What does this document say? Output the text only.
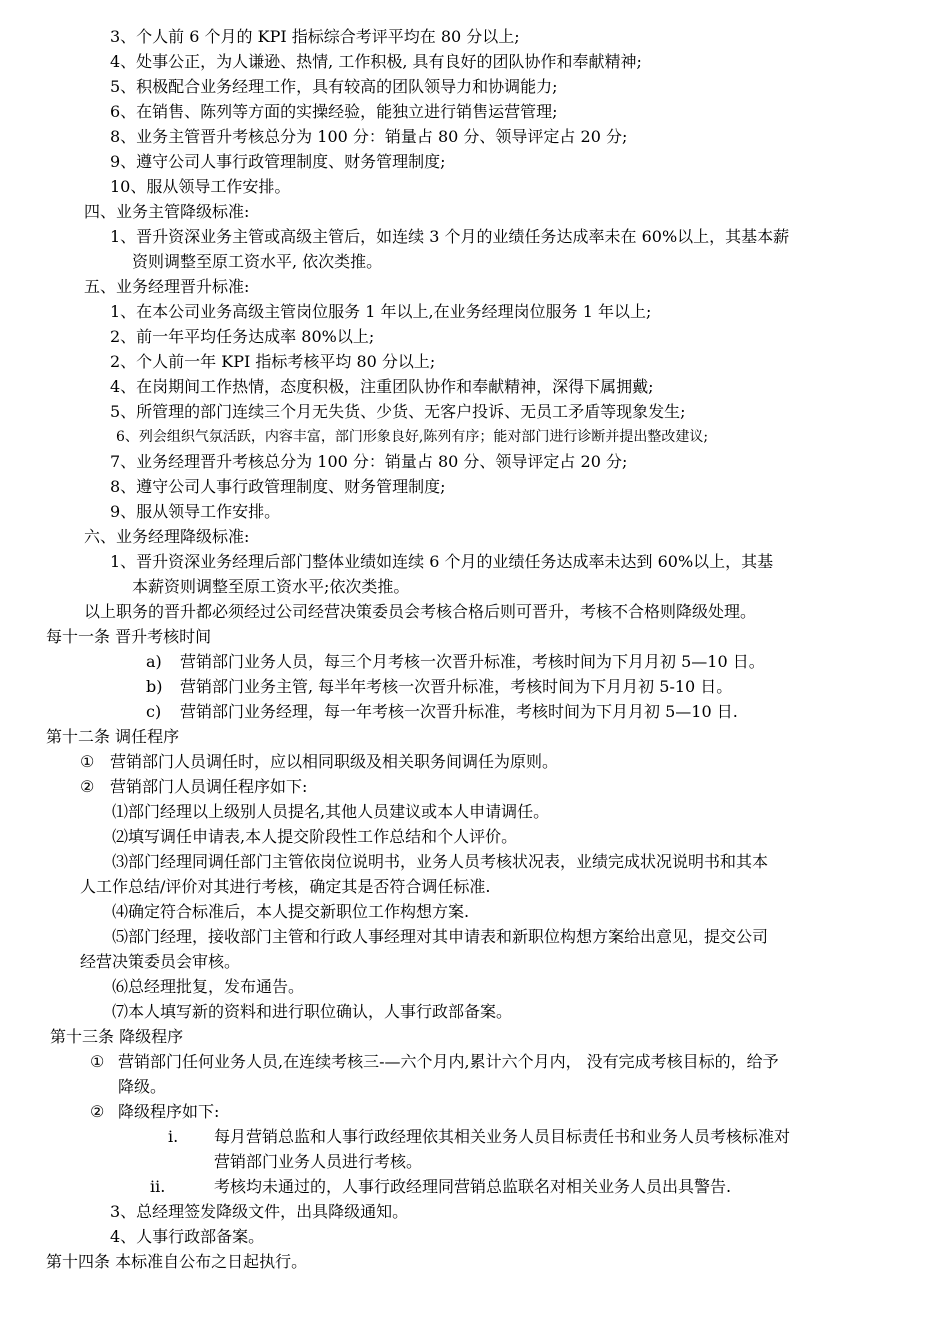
3、个人前 6 个月的 KPI 指标综合考评平均在 80 分以上;
4、处事公正，为人谦逊、热情, 工作积极, 具有良好的团队协作和奉献精神;
5、积极配合业务经理工作，具有较高的团队领导力和协调能力;
6、在销售、陈列等方面的实操经验，能独立进行销售运营管理;
8、业务主管晋升考核总分为 100 分：销量占 80 分、领导评定占 20 分;
9、遵守公司人事行政管理制度、财务管理制度;
10、服从领导工作安排。
四、业务主管降级标准:
1、晋升资深业务主管或高级主管后，如连续 3 个月的业绩任务达成率未在 60%以上，其基本薪
资则调整至原工资水平, 依次类推。
五、业务经理晋升标准:
1、在本公司业务高级主管岗位服务 1 年以上,在业务经理岗位服务 1 年以上;
2、前一年平均任务达成率 80%以上;
2、个人前一年 KPI 指标考核平均 80 分以上;
4、在岗期间工作热情，态度积极，注重团队协作和奉献精神，深得下属拥戴;
5、所管理的部门连续三个月无失货、少货、无客户投诉、无员工矛盾等现象发生;
6、列会组织气氛活跃，内容丰富，部门形象良好,陈列有序；能对部门进行诊断并提出整改建议;
7、业务经理晋升考核总分为 100 分：销量占 80 分、领导评定占 20 分;
8、遵守公司人事行政管理制度、财务管理制度;
9、服从领导工作安排。
六、业务经理降级标准:
1、晋升资深业务经理后部门整体业绩如连续 6 个月的业绩任务达成率未达到 60%以上，其基
本薪资则调整至原工资水平;依次类推。
以上职务的晋升都必须经过公司经营决策委员会考核合格后则可晋升，考核不合格则降级处理。
每十一条 晋升考核时间
a) 营销部门业务人员，每三个月考核一次晋升标准，考核时间为下月月初 5—10 日。
b) 营销部门业务主管, 每半年考核一次晋升标准，考核时间为下月月初 5-10 日。
c) 营销部门业务经理，每一年考核一次晋升标准，考核时间为下月月初 5—10 日.
第十二条 调任程序
① 营销部门人员调任时，应以相同职级及相关职务间调任为原则。
② 营销部门人员调任程序如下:
⑴部门经理以上级别人员提名,其他人员建议或本人申请调任。
⑵填写调任申请表,本人提交阶段性工作总结和个人评价。
⑶部门经理同调任部门主管依岗位说明书，业务人员考核状况表，业绩完成状况说明书和其本
人工作总结/评价对其进行考核，确定其是否符合调任标准.
⑷确定符合标准后，本人提交新职位工作构想方案.
⑸部门经理，接收部门主管和行政人事经理对其申请表和新职位构想方案给出意见，提交公司
经营决策委员会审核。
⑹总经理批复，发布通告。
⑺本人填写新的资料和进行职位确认，人事行政部备案。
第十三条 降级程序
① 营销部门任何业务人员,在连续考核三-—六个月内,累计六个月内， 没有完成考核目标的，给予
降级。
② 降级程序如下:
i. 每月营销总监和人事行政经理依其相关业务人员目标责任书和业务人员考核标准对
营销部门业务人员进行考核。
ii.	考核均未通过的，人事行政经理同营销总监联名对相关业务人员出具警告.
3、总经理签发降级文件，出具降级通知。
4、人事行政部备案。
第十四条 本标准自公布之日起执行。
